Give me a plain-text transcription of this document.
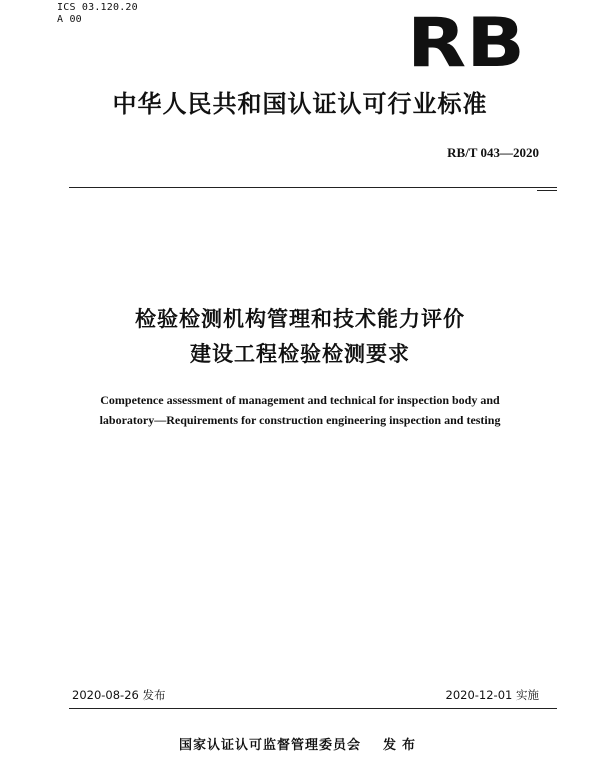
ICS 03.120.20
A 00	RB
中华人民共和国认证认可行业标准
RB/T 043—2020
检验检测机构管理和技术能力评价
建设工程检验检测要求
Competence assessment of management and technical for inspection body and
laboratory—Requirements for construction engineering inspection and testing
2020-08-26 发布	2020-12-01 实施
国家认证认可监督管理委员会 发布
